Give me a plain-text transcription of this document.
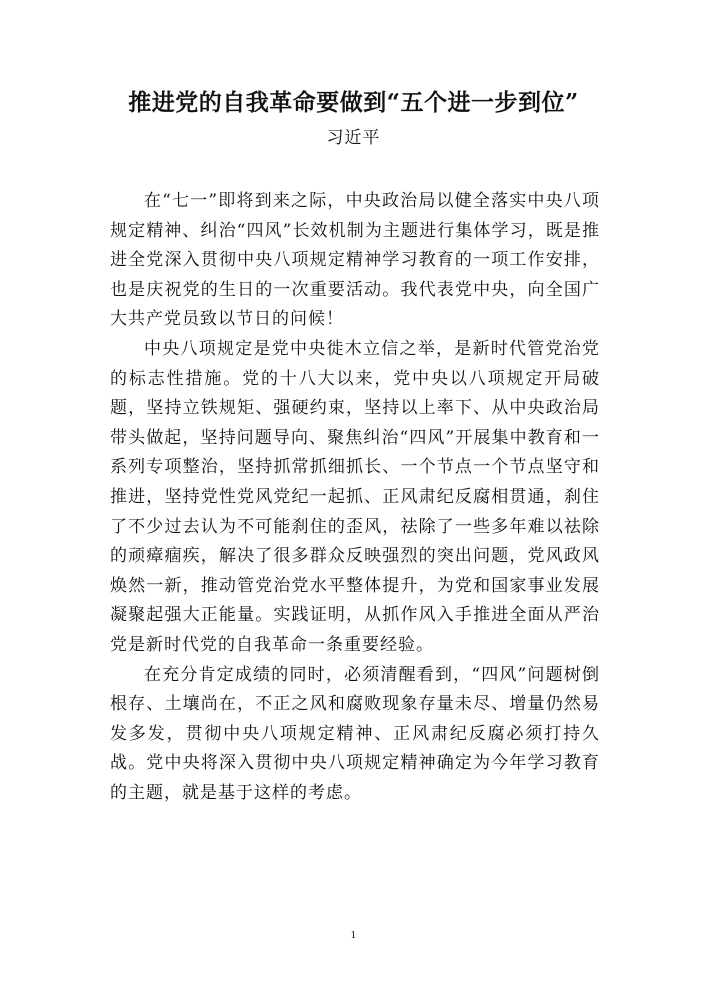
推进党的自我革命要做到“五个进一步到位”
习近平

在“七一”即将到来之际，中央政治局以健全落实中央八项规定精神、纠治“四风”长效机制为主题进行集体学习，既是推进全党深入贯彻中央八项规定精神学习教育的一项工作安排，也是庆祝党的生日的一次重要活动。我代表党中央，向全国广大共产党员致以节日的问候！

中央八项规定是党中央徙木立信之举，是新时代管党治党的标志性措施。党的十八大以来，党中央以八项规定开局破题，坚持立铁规矩、强硬约束，坚持以上率下、从中央政治局带头做起，坚持问题导向、聚焦纠治“四风”开展集中教育和一系列专项整治，坚持抓常抓细抓长、一个节点一个节点坚守和推进，坚持党性党风党纪一起抓、正风肃纪反腐相贯通，刹住了不少过去认为不可能刹住的歪风，祛除了一些多年难以祛除的顽瘴痼疾，解决了很多群众反映强烈的突出问题，党风政风焕然一新，推动管党治党水平整体提升，为党和国家事业发展凝聚起强大正能量。实践证明，从抓作风入手推进全面从严治党是新时代党的自我革命一条重要经验。

在充分肯定成绩的同时，必须清醒看到，“四风”问题树倒根存、土壤尚在，不正之风和腐败现象存量未尽、增量仍然易发多发，贯彻中央八项规定精神、正风肃纪反腐必须打持久战。党中央将深入贯彻中央八项规定精神确定为今年学习教育的主题，就是基于这样的考虑。

1
